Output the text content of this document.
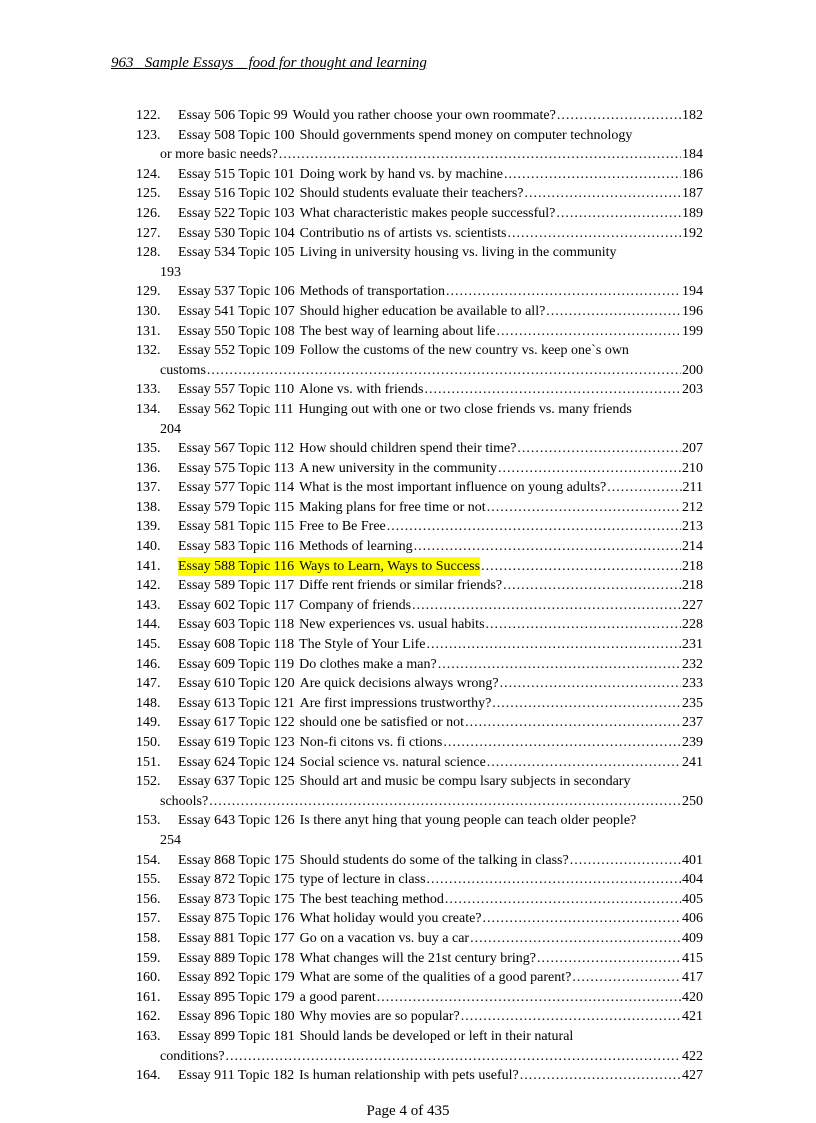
963_ Sample Essays _ food for thought and learning
122.	Essay 506 Topic 99 Would you rather choose your own roommate? .....	182
123.	Essay 508 Topic 100 Should governments spend money on computer technology
or more basic needs? .....	184
124.	Essay 515 Topic 101 Doing work by hand vs. by machine .....	186
125.	Essay 516 Topic 102 Should students evaluate their teachers? .....	187
126.	Essay 522 Topic 103 What characteristic makes people successful? .....	189
127.	Essay 530 Topic 104 Contributio ns of artists vs. scientists .....	192
128.	Essay 534 Topic 105 Living in university housing vs. living in the community
193
129.	Essay 537 Topic 106 Methods of transportation .....	194
130.	Essay 541 Topic 107 Should higher education be available to all? .....	196
131.	Essay 550 Topic 108 The best way of learning about life .....	199
132.	Essay 552 Topic 109 Follow the customs of the new country vs. keep one`s own
customs .....	200
133.	Essay 557 Topic 110 Alone vs. with friends .....	203
134.	Essay 562 Topic 111 Hunging out with one or two close friends vs. many friends
204
135.	Essay 567 Topic 112 How should children spend their time? .....	207
136.	Essay 575 Topic 113 A new university in the community .....	210
137.	Essay 577 Topic 114 What is the most important influence on young adults? .....	211
138.	Essay 579 Topic 115 Making plans for free time or not .....	212
139.	Essay 581 Topic 115 Free to Be Free .....	213
140.	Essay 583 Topic 116 Methods of learning .....	214
141.	Essay 588 Topic 116 Ways to Learn, Ways to Success .....	218
142.	Essay 589 Topic 117 Diffe rent friends or similar friends? .....	218
143.	Essay 602 Topic 117 Company of friends .....	227
144.	Essay 603 Topic 118 New experiences vs. usual habits .....	228
145.	Essay 608 Topic 118 The Style of Your Life .....	231
146.	Essay 609 Topic 119 Do clothes make a man? .....	232
147.	Essay 610 Topic 120 Are quick decisions always wrong? .....	233
148.	Essay 613 Topic 121 Are first impressions trustworthy? .....	235
149.	Essay 617 Topic 122 should one be satisfied or not .....	237
150.	Essay 619 Topic 123 Non-fi citons vs. fi ctions .....	239
151.	Essay 624 Topic 124 Social science vs. natural science .....	241
152.	Essay 637 Topic 125 Should art and music be compu lsary subjects in secondary
schools? .....	250
153.	Essay 643 Topic 126 Is there anyt hing that young people can teach older people?
254
154.	Essay 868 Topic 175 Should students do some of the talking in class? .....	401
155.	Essay 872 Topic 175 type of lecture in class .....	404
156.	Essay 873 Topic 175 The best teaching method .....	405
157.	Essay 875 Topic 176 What holiday would you create? .....	406
158.	Essay 881 Topic 177 Go on a vacation vs. buy a car .....	409
159.	Essay 889 Topic 178 What changes will the 21st century bring? .....	415
160.	Essay 892 Topic 179 What are some of the qualities of a good parent? .....	417
161.	Essay 895 Topic 179 a good parent .....	420
162.	Essay 896 Topic 180 Why movies are so popular? .....	421
163.	Essay 899 Topic 181 Should lands be developed or left in their natural
conditions? .....	422
164.	Essay 911 Topic 182 Is human relationship with pets useful? .....	427
Page 4 of 435
